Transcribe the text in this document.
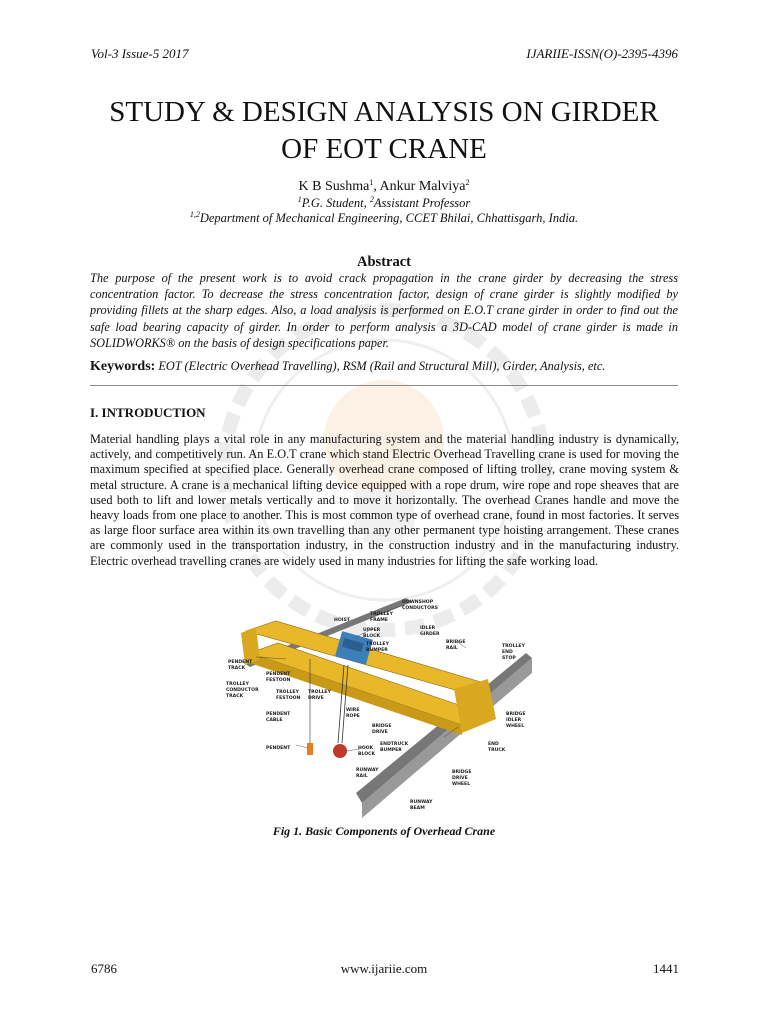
Vol-3 Issue-5 2017	IJARIIE-ISSN(O)-2395-4396
STUDY & DESIGN ANALYSIS ON GIRDER
OF EOT CRANE
K B Sushma$^1$, Ankur Malviya$^2$
$^1$P.G. Student, $^2$Assistant Professor
$^{1,2}$Department of Mechanical Engineering, CCET Bhilai, Chhattisgarh, India.
Abstract

The purpose of the present work is to avoid crack propagation in the crane girder by decreasing the stress concentration factor. To decrease the stress concentration factor, design of crane girder is slightly modified by providing fillets at the sharp edges. Also, a load analysis is performed on E.O.T crane girder in order to find out the safe load bearing capacity of girder. In order to perform analysis a 3D-CAD model of crane girder is made in SOLIDWORKS® on the basis of design specifications paper.

Keywords: EOT (Electric Overhead Travelling), RSM (Rail and Structural Mill), Girder, Analysis, etc.
I. INTRODUCTION

Material handling plays a vital role in any manufacturing system and the material handling industry is dynamically, actively, and competitively run. An E.O.T crane which stand Electric Overhead Travelling crane is used for moving the maximum specified at specified place. Generally overhead crane composed of lifting trolley, crane moving system & metal structure. A crane is a mechanical lifting device equipped with a rope drum, wire rope and rope sheaves that are used both to lift and lower metals vertically and to move it horizontally. The overhead Cranes handle and move the heavy loads from one place to another. This is most common type of overhead crane, found in most factories. It serves as large floor surface area within its own travelling than any other permanent type hoisting arrangement. These cranes are commonly used in the transportation industry, in the construction industry and in the manufacturing industry. Electric overhead travelling cranes are widely used in many industries for lifting the safe working load.

DOWNSHOP
CONDUCTORS
TROLLEY
FRAME
HOIST
UPPER
BLOCK
IDLER
GIRDER
TROLLEY
BUMPER
BRIDGE
RAIL	TROLLEY
END
STOP
PENDENT
TRACK
PENDENT
FESTOON
TROLLEY
CONDUCTOR
TRACK
TROLLEY
FESTOON
TROLLEY
DRIVE
PENDENT
CABLE
WIRE
ROPE
BRIDGE
DRIVE
BRIDGE
IDLER
WHEEL
PENDENT	HOOK
BLOCK
ENDTRUCK
BUMPER
END
TRUCK
RUNWAY
RAIL
BRIDGE
DRIVE
WHEEL
RUNWAY
BEAM
Fig 1. Basic Components of Overhead Crane
6786	www.ijariie.com	1441
